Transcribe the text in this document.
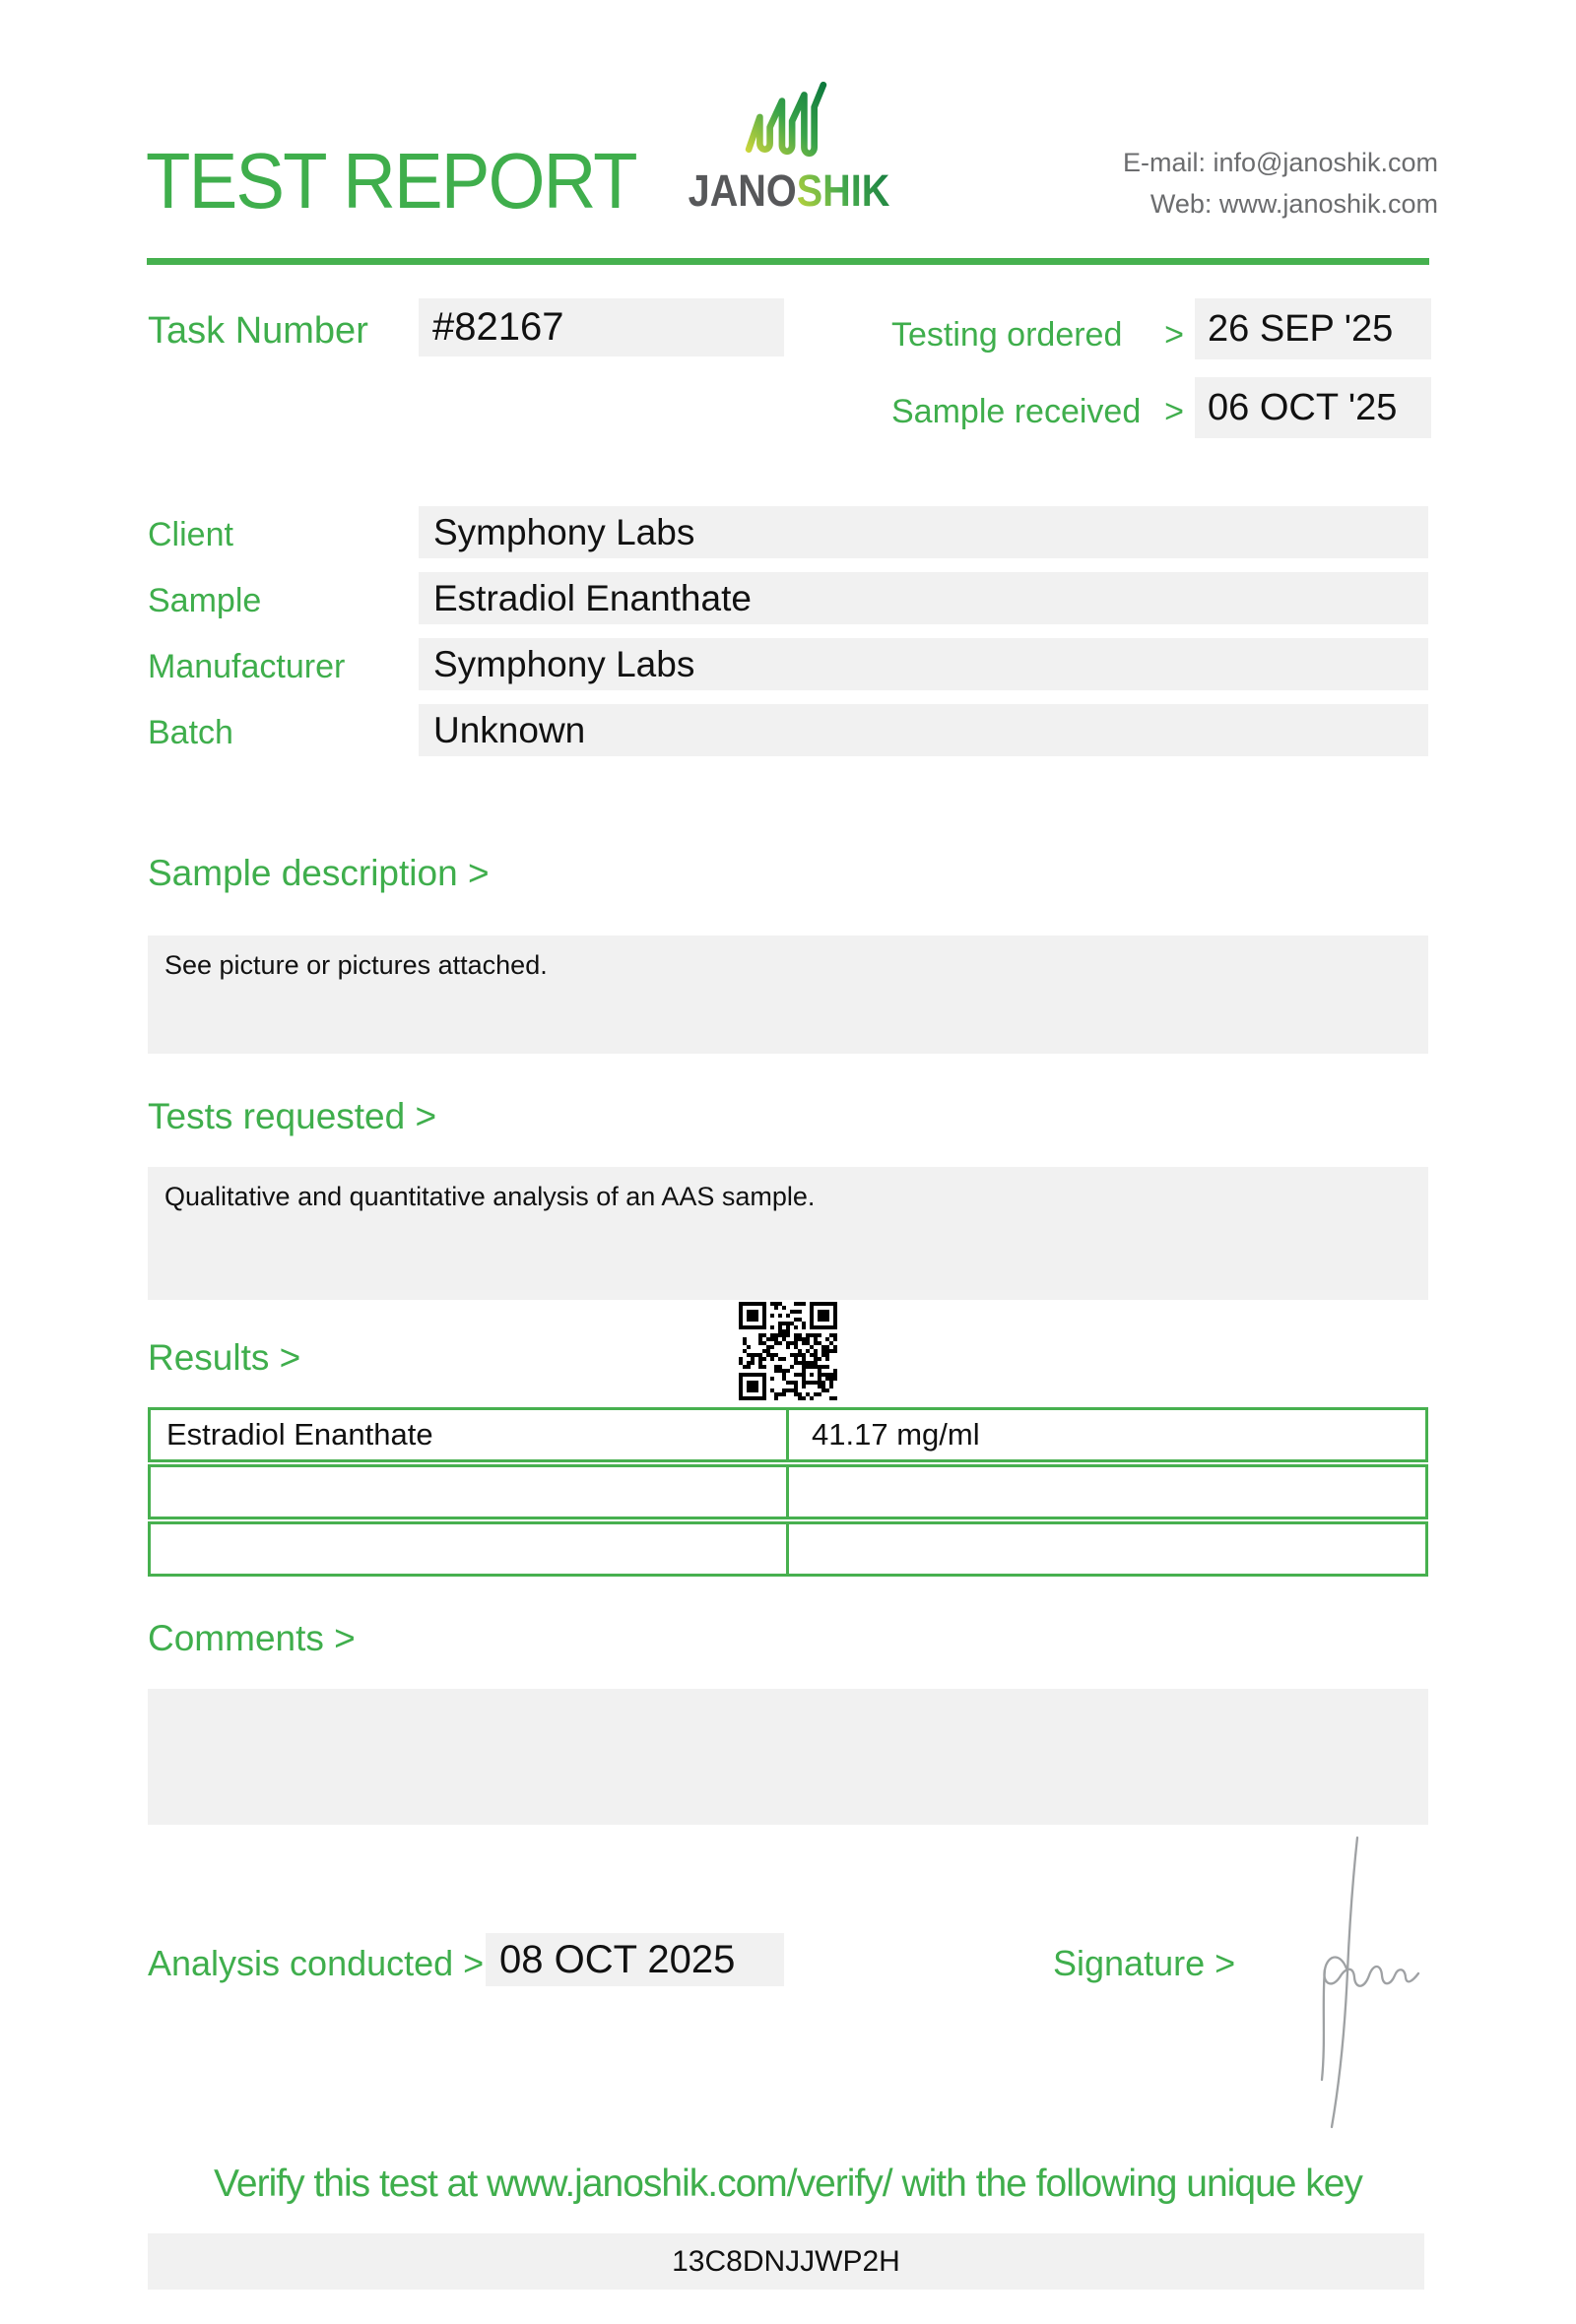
TEST REPORT JANOSHIK
E-mail: info@janoshik.com
Web: www.janoshik.com
Task Number	#82167	Testing ordered > 26 SEP '25
Sample received > 06 OCT '25
Client	Symphony Labs
Sample	Estradiol Enanthate
Manufacturer	Symphony Labs
Batch	Unknown
Sample description >
See picture or pictures attached.
Tests requested >
Qualitative and quantitative analysis of an AAS sample.
Results >
Estradiol Enanthate	41.17 mg/ml
Comments >
Analysis conducted > 08 OCT 2025	Signature >
Verify this test at www.janoshik.com/verify/ with the following unique key
13C8DNJJWP2H
